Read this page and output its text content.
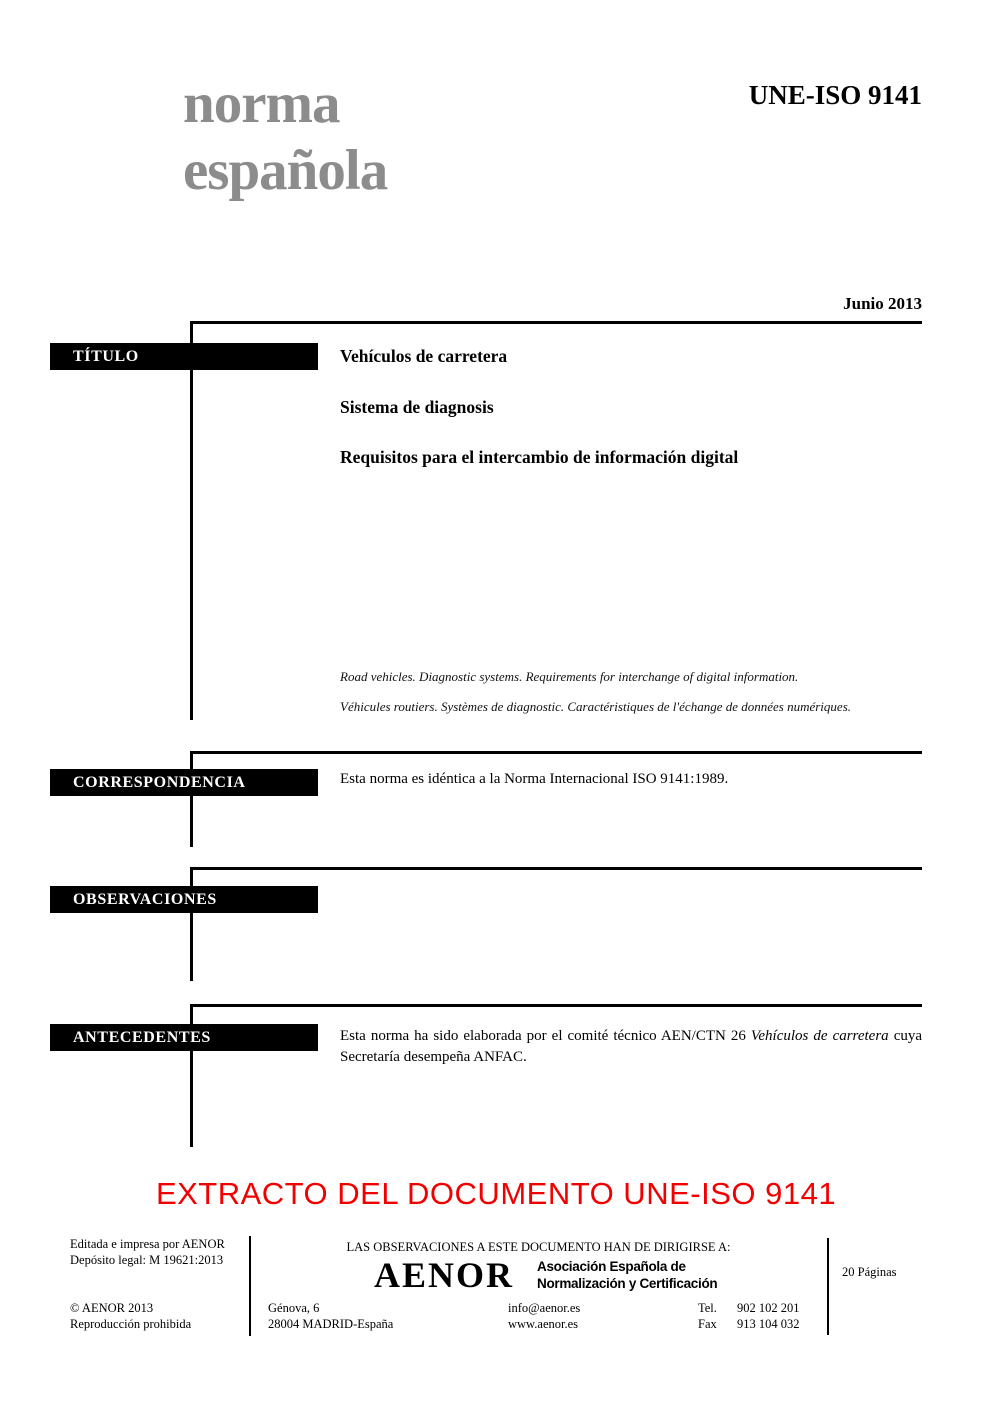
norma
española
UNE-ISO 9141
Junio 2013
TÍTULO
CORRESPONDENCIA
OBSERVACIONES
ANTECEDENTES
Vehículos de carretera
Sistema de diagnosis
Requisitos para el intercambio de información digital
Road vehicles. Diagnostic systems. Requirements for interchange of digital information.
Véhicules routiers. Systèmes de diagnostic. Caractéristiques de l'échange de données numériques.
Esta norma es idéntica a la Norma Internacional ISO 9141:1989.

Esta norma ha sido elaborada por el comité técnico AEN/CTN 26 Vehículos de carretera cuya Secretaría desempeña ANFAC.

EXTRACTO DEL DOCUMENTO UNE-ISO 9141
Editada e impresa por AENOR
Depósito legal: M 19621:2013
© AENOR 2013
Reproducción prohibida
LAS OBSERVACIONES A ESTE DOCUMENTO HAN DE DIRIGIRSE A:
AENOR Asociación Española de
Normalización y Certificación
Génova, 6
28004 MADRID-España
info@aenor.es
www.aenor.es
Tel. 902 102 201
Fax 913 104 032
20 Páginas
